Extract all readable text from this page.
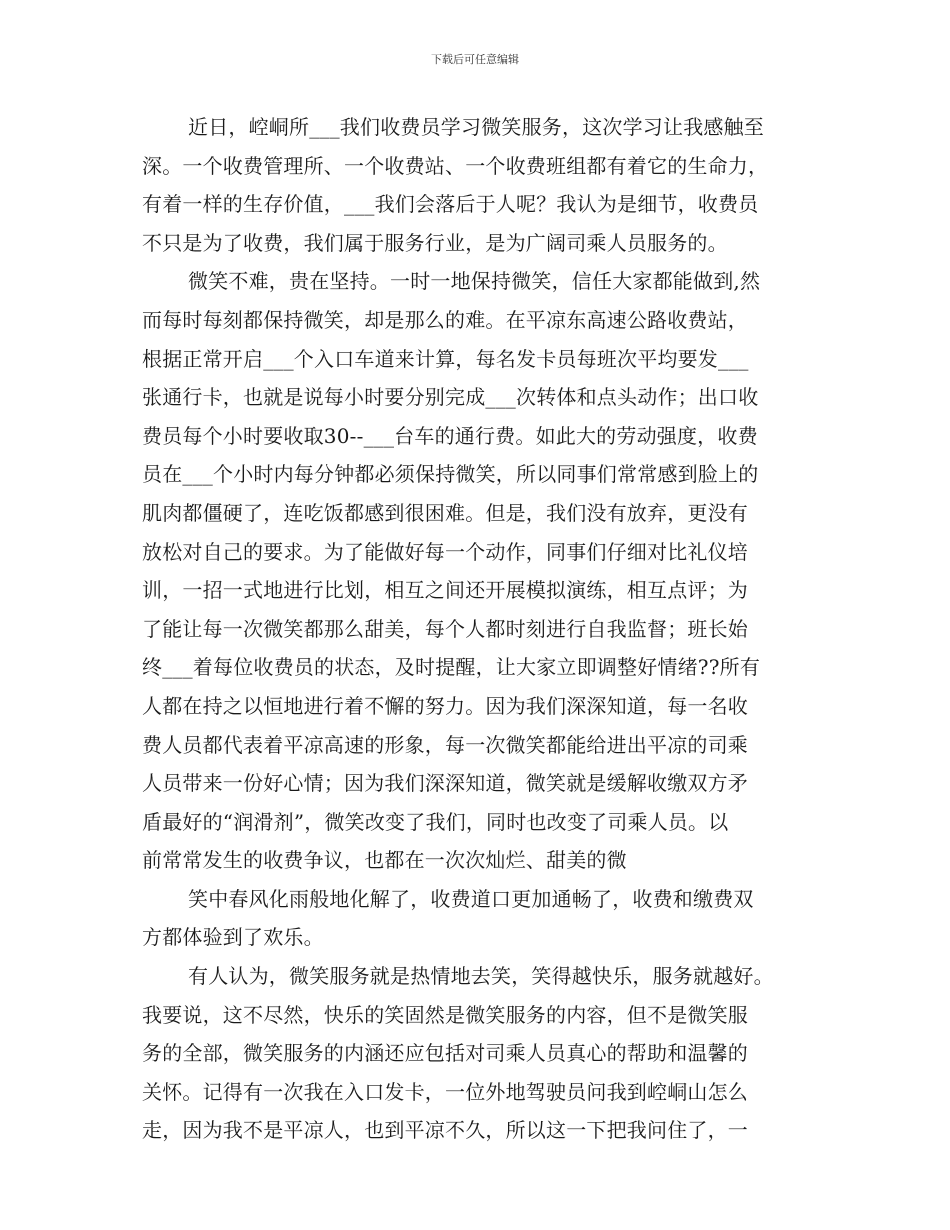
下载后可任意编辑
近日，崆峒所___我们收费员学习微笑服务，这次学习让我感触至
深。一个收费管理所、一个收费站、一个收费班组都有着它的生命力，
有着一样的生存价值，___我们会落后于人呢？我认为是细节，收费员
不只是为了收费，我们属于服务行业，是为广阔司乘人员服务的。
微笑不难，贵在坚持。一时一地保持微笑，信任大家都能做到,然
而每时每刻都保持微笑，却是那么的难。在平凉东高速公路收费站，
根据正常开启___个入口车道来计算，每名发卡员每班次平均要发___
张通行卡，也就是说每小时要分别完成___次转体和点头动作；出口收
费员每个小时要收取30--___台车的通行费。如此大的劳动强度，收费
员在___个小时内每分钟都必须保持微笑，所以同事们常常感到脸上的
肌肉都僵硬了，连吃饭都感到很困难。但是，我们没有放弃，更没有
放松对自己的要求。为了能做好每一个动作，同事们仔细对比礼仪培
训，一招一式地进行比划，相互之间还开展模拟演练，相互点评；为
了能让每一次微笑都那么甜美，每个人都时刻进行自我监督；班长始
终___着每位收费员的状态，及时提醒，让大家立即调整好情绪??所有
人都在持之以恒地进行着不懈的努力。因为我们深深知道，每一名收
费人员都代表着平凉高速的形象，每一次微笑都能给进出平凉的司乘
人员带来一份好心情；因为我们深深知道，微笑就是缓解收缴双方矛
盾最好的“润滑剂”，微笑改变了我们，同时也改变了司乘人员。以
前常常发生的收费争议，也都在一次次灿烂、甜美的微
笑中春风化雨般地化解了，收费道口更加通畅了，收费和缴费双
方都体验到了欢乐。
有人认为，微笑服务就是热情地去笑，笑得越快乐，服务就越好。
我要说，这不尽然，快乐的笑固然是微笑服务的内容，但不是微笑服
务的全部，微笑服务的内涵还应包括对司乘人员真心的帮助和温馨的
关怀。记得有一次我在入口发卡，一位外地驾驶员问我到崆峒山怎么
走，因为我不是平凉人，也到平凉不久，所以这一下把我问住了，一
